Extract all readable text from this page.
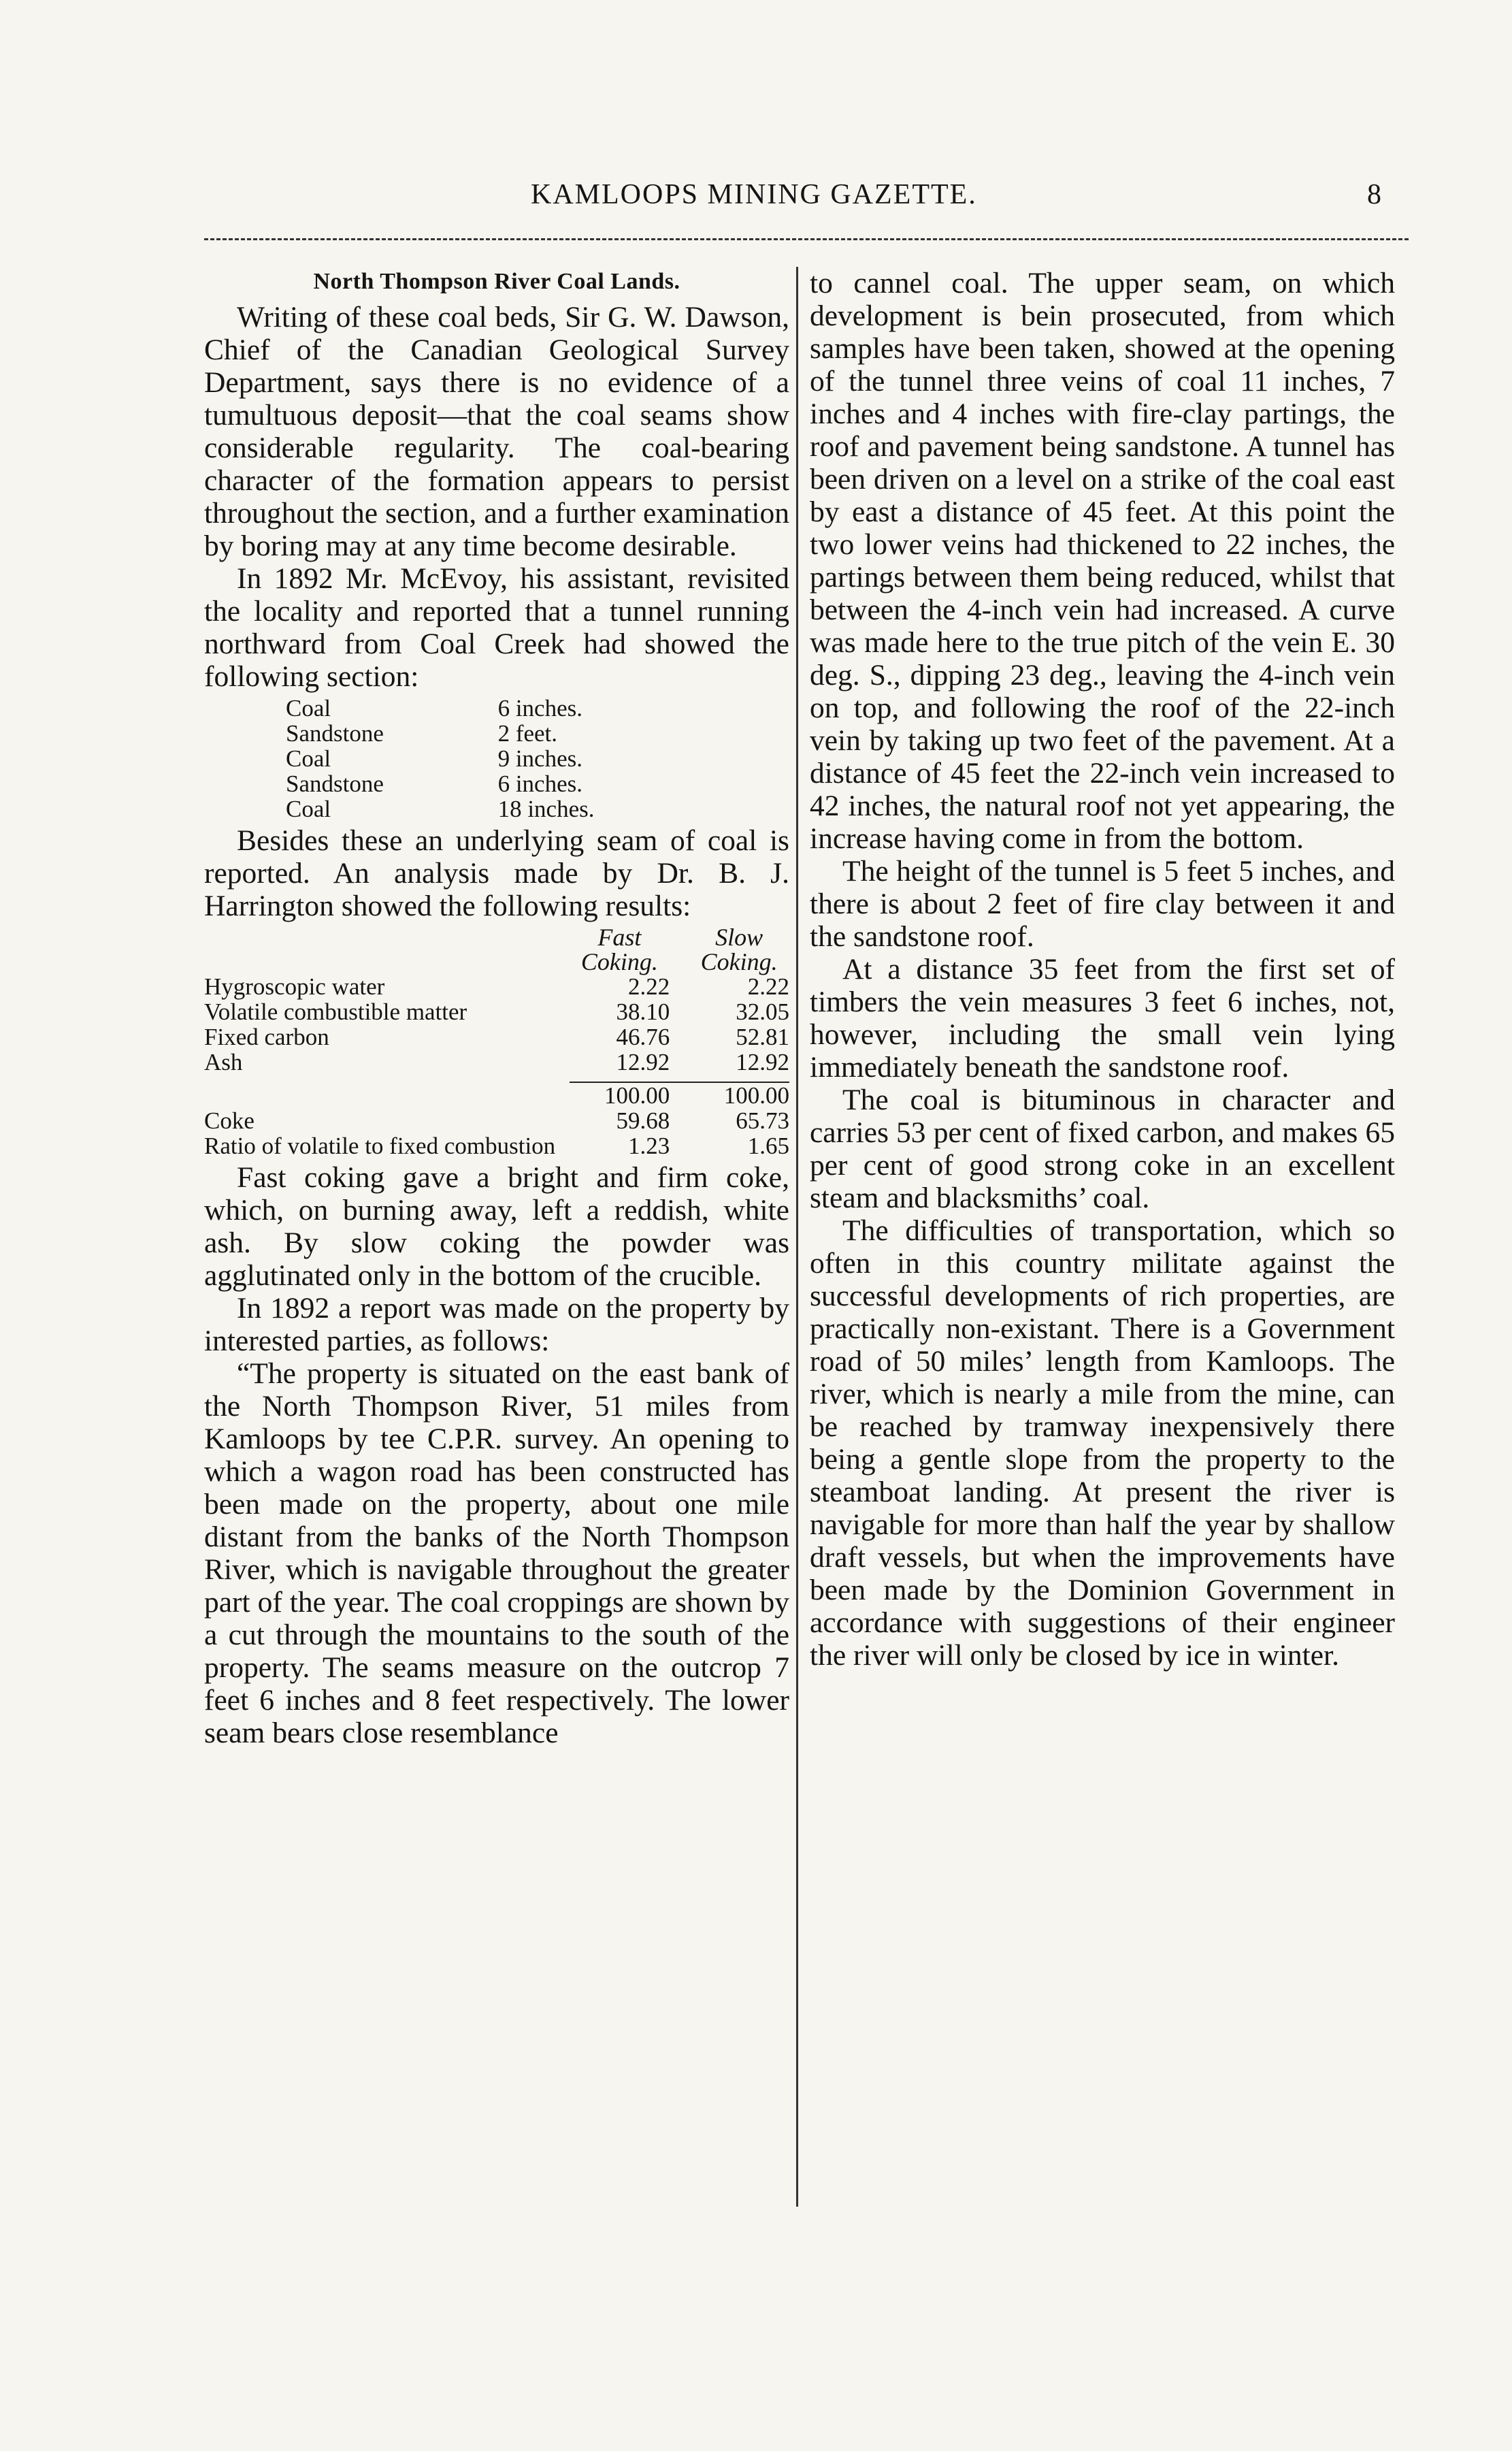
KAMLOOPS MINING GAZETTE.	8
North Thompson River Coal Lands.

Writing of these coal beds, Sir G. W. Dawson, Chief of the Canadian Geological Survey Department, says there is no evidence of a tumultuous deposit—that the coal seams show considerable regularity. The coal-bearing character of the formation appears to persist throughout the section, and a further examination by boring may at any time become desirable.

In 1892 Mr. McEvoy, his assistant, revisited the locality and reported that a tunnel running northward from Coal Creek had showed the following section:

Coal	6 inches.
Sandstone	2 feet.
Coal	9 inches.
Sandstone	6 inches.
Coal	18 inches.

Besides these an underlying seam of coal is reported. An analysis made by Dr. B. J. Harrington showed the following results:

	Fast Coking.	Slow Coking.
Hygroscopic water	2.22	2.22
Volatile combustible matter	38.10	32.05
Fixed carbon	46.76	52.81
Ash	12.92	12.92

	100.00	100.00
Coke	59.68	65.73
Ratio of volatile to fixed combustion	1.23	1.65

Fast coking gave a bright and firm coke, which, on burning away, left a reddish, white ash. By slow coking the powder was agglutinated only in the bottom of the crucible.

In 1892 a report was made on the property by interested parties, as follows:

“The property is situated on the east bank of the North Thompson River, 51 miles from Kamloops by tee C.P.R. survey. An opening to which a wagon road has been constructed has been made on the property, about one mile distant from the banks of the North Thompson River, which is navigable throughout the greater part of the year. The coal croppings are shown by a cut through the mountains to the south of the property. The seams measure on the outcrop 7 feet 6 inches and 8 feet respectively. The lower seam bears close resemblance

to cannel coal. The upper seam, on which development is bein prosecuted, from which samples have been taken, showed at the opening of the tunnel three veins of coal 11 inches, 7 inches and 4 inches with fire-clay partings, the roof and pavement being sandstone. A tunnel has been driven on a level on a strike of the coal east by east a distance of 45 feet. At this point the two lower veins had thickened to 22 inches, the partings between them being reduced, whilst that between the 4-inch vein had increased. A curve was made here to the true pitch of the vein E. 30 deg. S., dipping 23 deg., leaving the 4-inch vein on top, and following the roof of the 22-inch vein by taking up two feet of the pavement. At a distance of 45 feet the 22-inch vein increased to 42 inches, the natural roof not yet appearing, the increase having come in from the bottom.

The height of the tunnel is 5 feet 5 inches, and there is about 2 feet of fire clay between it and the sandstone roof.

At a distance 35 feet from the first set of timbers the vein measures 3 feet 6 inches, not, however, including the small vein lying immediately beneath the sandstone roof.

The coal is bituminous in character and carries 53 per cent of fixed carbon, and makes 65 per cent of good strong coke in an excellent steam and blacksmiths’ coal.

The difficulties of transportation, which so often in this country militate against the successful developments of rich properties, are practically non-existant. There is a Government road of 50 miles’ length from Kamloops. The river, which is nearly a mile from the mine, can be reached by tramway inexpensively there being a gentle slope from the property to the steamboat landing. At present the river is navigable for more than half the year by shallow draft vessels, but when the improvements have been made by the Dominion Government in accordance with suggestions of their engineer the river will only be closed by ice in winter.
